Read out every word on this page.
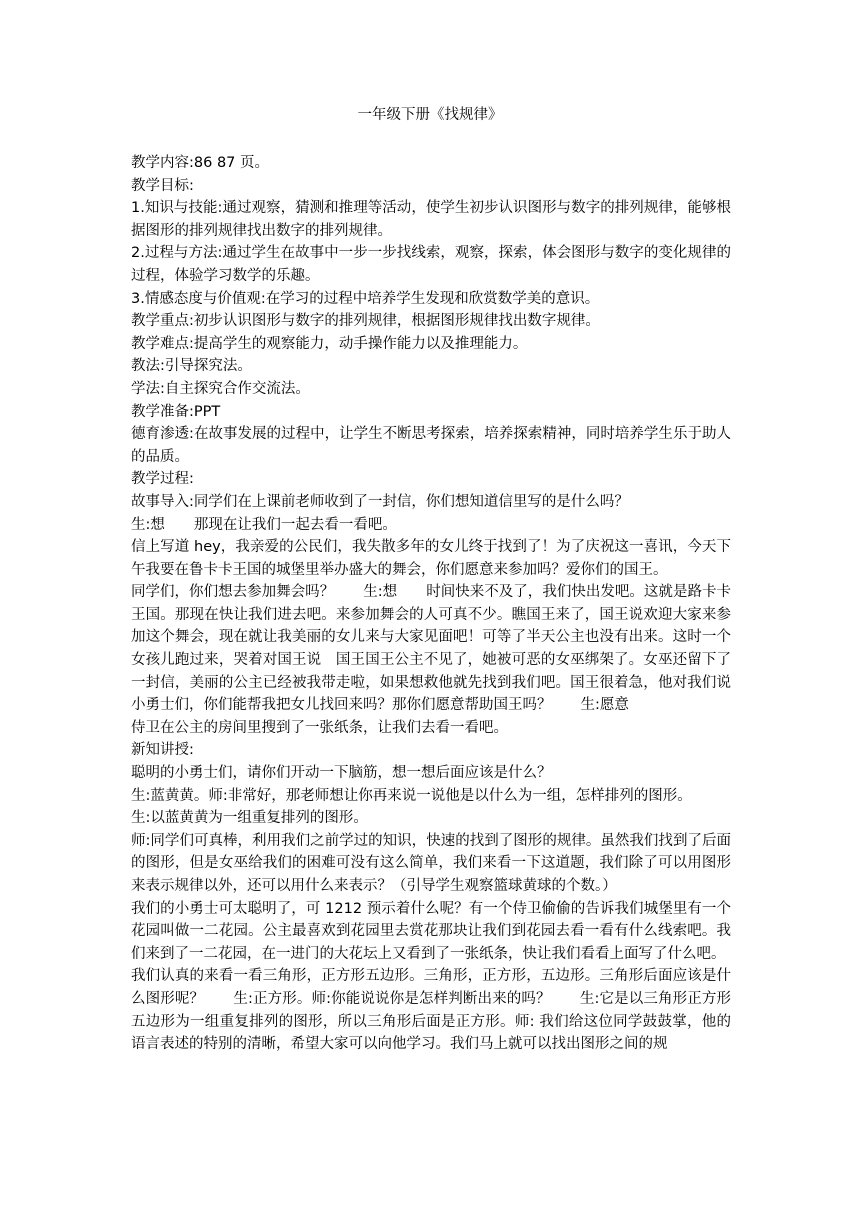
一年级下册《找规律》

教学内容:86 87 页。

教学目标:

1.知识与技能:通过观察，猜测和推理等活动，使学生初步认识图形与数字的排列规律，能够根据图形的排列规律找出数字的排列规律。

2.过程与方法:通过学生在故事中一步一步找线索，观察，探索，体会图形与数字的变化规律的过程，体验学习数学的乐趣。

3.情感态度与价值观:在学习的过程中培养学生发现和欣赏数学美的意识。

教学重点:初步认识图形与数字的排列规律，根据图形规律找出数字规律。

教学难点:提高学生的观察能力，动手操作能力以及推理能力。

教法:引导探究法。

学法:自主探究合作交流法。

教学准备:PPT

德育渗透:在故事发展的过程中，让学生不断思考探索，培养探索精神，同时培养学生乐于助人的品质。

教学过程:

故事导入:同学们在上课前老师收到了一封信，你们想知道信里写的是什么吗？

生:想　　那现在让我们一起去看一看吧。

信上写道 hey，我亲爱的公民们，我失散多年的女儿终于找到了！为了庆祝这一喜讯，今天下午我要在鲁卡卡王国的城堡里举办盛大的舞会，你们愿意来参加吗？爱你们的国王。

同学们，你们想去参加舞会吗？　　生:想　　时间快来不及了，我们快出发吧。这就是路卡卡王国。那现在快让我们进去吧。来参加舞会的人可真不少。瞧国王来了，国王说欢迎大家来参加这个舞会，现在就让我美丽的女儿来与大家见面吧！可等了半天公主也没有出来。这时一个女孩儿跑过来，哭着对国王说　国王国王公主不见了，她被可恶的女巫绑架了。女巫还留下了一封信，美丽的公主已经被我带走啦，如果想救他就先找到我们吧。国王很着急，他对我们说小勇士们，你们能帮我把女儿找回来吗？那你们愿意帮助国王吗？　　生:愿意

侍卫在公主的房间里搜到了一张纸条，让我们去看一看吧。

新知讲授:

聪明的小勇士们，请你们开动一下脑筋，想一想后面应该是什么？

生:蓝黄黄。师:非常好，那老师想让你再来说一说他是以什么为一组，怎样排列的图形。

生:以蓝黄黄为一组重复排列的图形。

师:同学们可真棒，利用我们之前学过的知识，快速的找到了图形的规律。虽然我们找到了后面的图形，但是女巫给我们的困难可没有这么简单，我们来看一下这道题，我们除了可以用图形来表示规律以外，还可以用什么来表示？（引导学生观察篮球黄球的个数。）

我们的小勇士可太聪明了，可 1212 预示着什么呢？有一个侍卫偷偷的告诉我们城堡里有一个花园叫做一二花园。公主最喜欢到花园里去赏花那块让我们到花园去看一看有什么线索吧。我们来到了一二花园，在一进门的大花坛上又看到了一张纸条，快让我们看看上面写了什么吧。

我们认真的来看一看三角形，正方形五边形。三角形，正方形，五边形。三角形后面应该是什么图形呢？　　生:正方形。师:你能说说你是怎样判断出来的吗？　　生:它是以三角形正方形五边形为一组重复排列的图形，所以三角形后面是正方形。师: 我们给这位同学鼓鼓掌，他的语言表述的特别的清晰，希望大家可以向他学习。我们马上就可以找出图形之间的规
